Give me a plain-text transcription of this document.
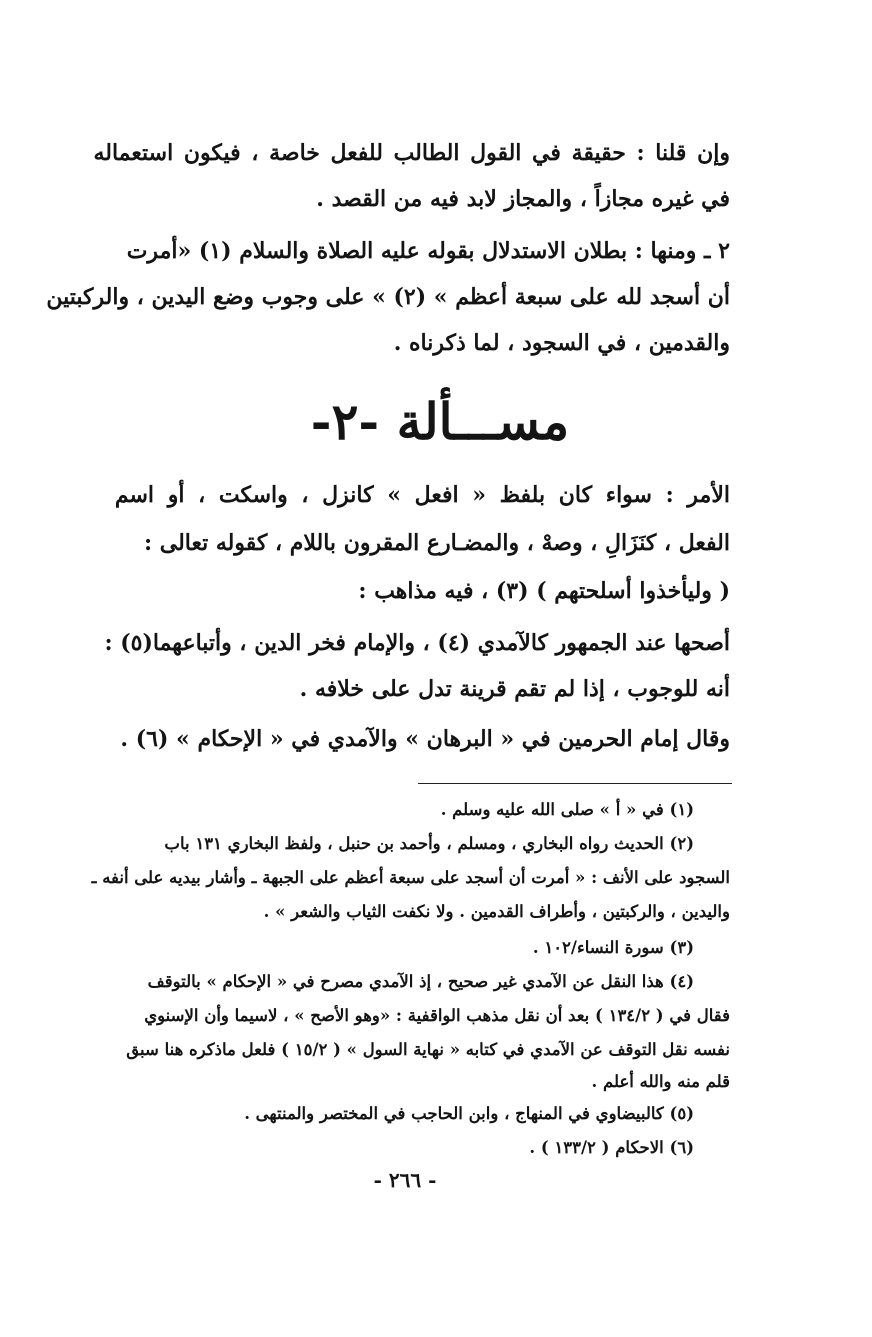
وإن قلنا : حقيقة في القول الطالب للفعل خاصة ، فيكون استعماله
في غيره مجازاً ، والمجاز لابد فيه من القصد .
٢ ـ ومنها : بطلان الاستدلال بقوله عليه الصلاة والسلام (١) «أمرت
أن أسجد لله على سبعة أعظم » (٢) » على وجوب وضع اليدين ، والركبتين
والقدمين ، في السجود ، لما ذكرناه .
مســـألة -٢-
الأمر : سواء كان بلفظ « افعل » كانزل ، واسكت ، أو اسم
الفعل ، كنَزَالِ ، وصهْ ، والمضـارع المقرون باللام ، كقوله تعالى :
( وليأخذوا أسلحتهم ) (٣) ، فيه مذاهب :
أصحها عند الجمهور كالآمدي (٤) ، والإمام فخر الدين ، وأتباعهما(٥) :
أنه للوجوب ، إذا لم تقم قرينة تدل على خلافه .
وقال إمام الحرمين في « البرهان » والآمدي في « الإحكام » (٦) .
(١) في « أ » صلى الله عليه وسلم .
(٢) الحديث رواه البخاري ، ومسلم ، وأحمد بن حنبل ، ولفظ البخاري ١٣١ باب
السجود على الأنف : « أمرت أن أسجد على سبعة أعظم على الجبهة ـ وأشار بيديه على أنفه ـ
واليدين ، والركبتين ، وأطراف القدمين . ولا نكفت الثياب والشعر » .
(٣) سورة النساء/١٠٢ .
(٤) هذا النقل عن الآمدي غير صحيح ، إذ الآمدي مصرح في « الإحكام » بالتوقف
فقال في ( ١٣٤/٢ ) بعد أن نقل مذهب الواقفية : «وهو الأصح » ، لاسيما وأن الإسنوي
نفسه نقل التوقف عن الآمدي في كتابه « نهاية السول » ( ١٥/٢ ) فلعل ماذكره هنا سبق
قلم منه والله أعلم .
(٥) كالبيضاوي في المنهاج ، وابن الحاجب في المختصر والمنتهى .
(٦) الاحكام ( ١٣٣/٢ ) .
- ٢٦٦ -
